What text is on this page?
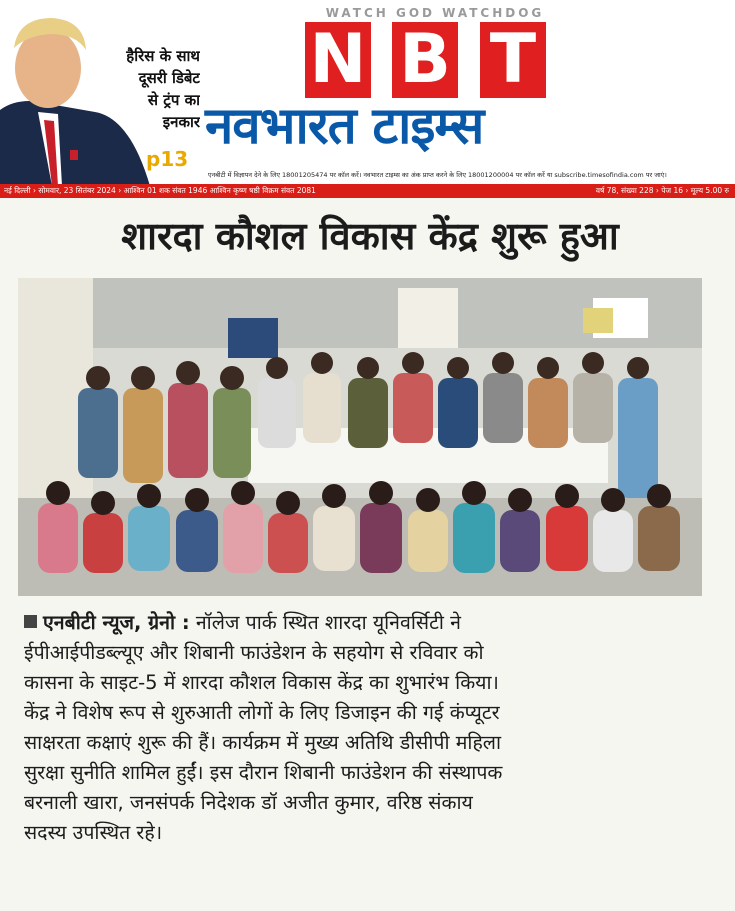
हैरिस के साथ
दूसरी डिबेट
से ट्रंप का
इनकार
p13
WATCH GOD WATCHDOG
N B T
नवभारत टाइम्स
एनबीटी में विज्ञापन देने के लिए 18001205474 पर कॉल करें। नवभारत टाइम्स का अंक प्राप्त करने के लिए 18001200004 पर कॉल करें या subscribe.timesofindia.com पर जाएं।
नई दिल्ली › सोमवार, 23 सितंबर 2024 › आश्विन 01 शक संवत 1946 आश्विन कृष्ण षष्ठी विक्रम संवत 2081	वर्ष 78, संख्या 228 › पेज 16 › मूल्य 5.00 रु
शारदा कौशल विकास केंद्र शुरू हुआ

एनबीटी न्यूज, ग्रेनो : नॉलेज पार्क स्थित शारदा यूनिवर्सिटी ने

ईपीआईपीडब्ल्यूए और शिबानी फाउंडेशन के सहयोग से रविवार को

कासना के साइट-5 में शारदा कौशल विकास केंद्र का शुभारंभ किया।

केंद्र ने विशेष रूप से शुरुआती लोगों के लिए डिजाइन की गई कंप्यूटर

साक्षरता कक्षाएं शुरू की हैं। कार्यक्रम में मुख्य अतिथि डीसीपी महिला

सुरक्षा सुनीति शामिल हुईं। इस दौरान शिबानी फाउंडेशन की संस्थापक

बरनाली खारा, जनसंपर्क निदेशक डॉ अजीत कुमार, वरिष्ठ संकाय

सदस्य उपस्थित रहे।
